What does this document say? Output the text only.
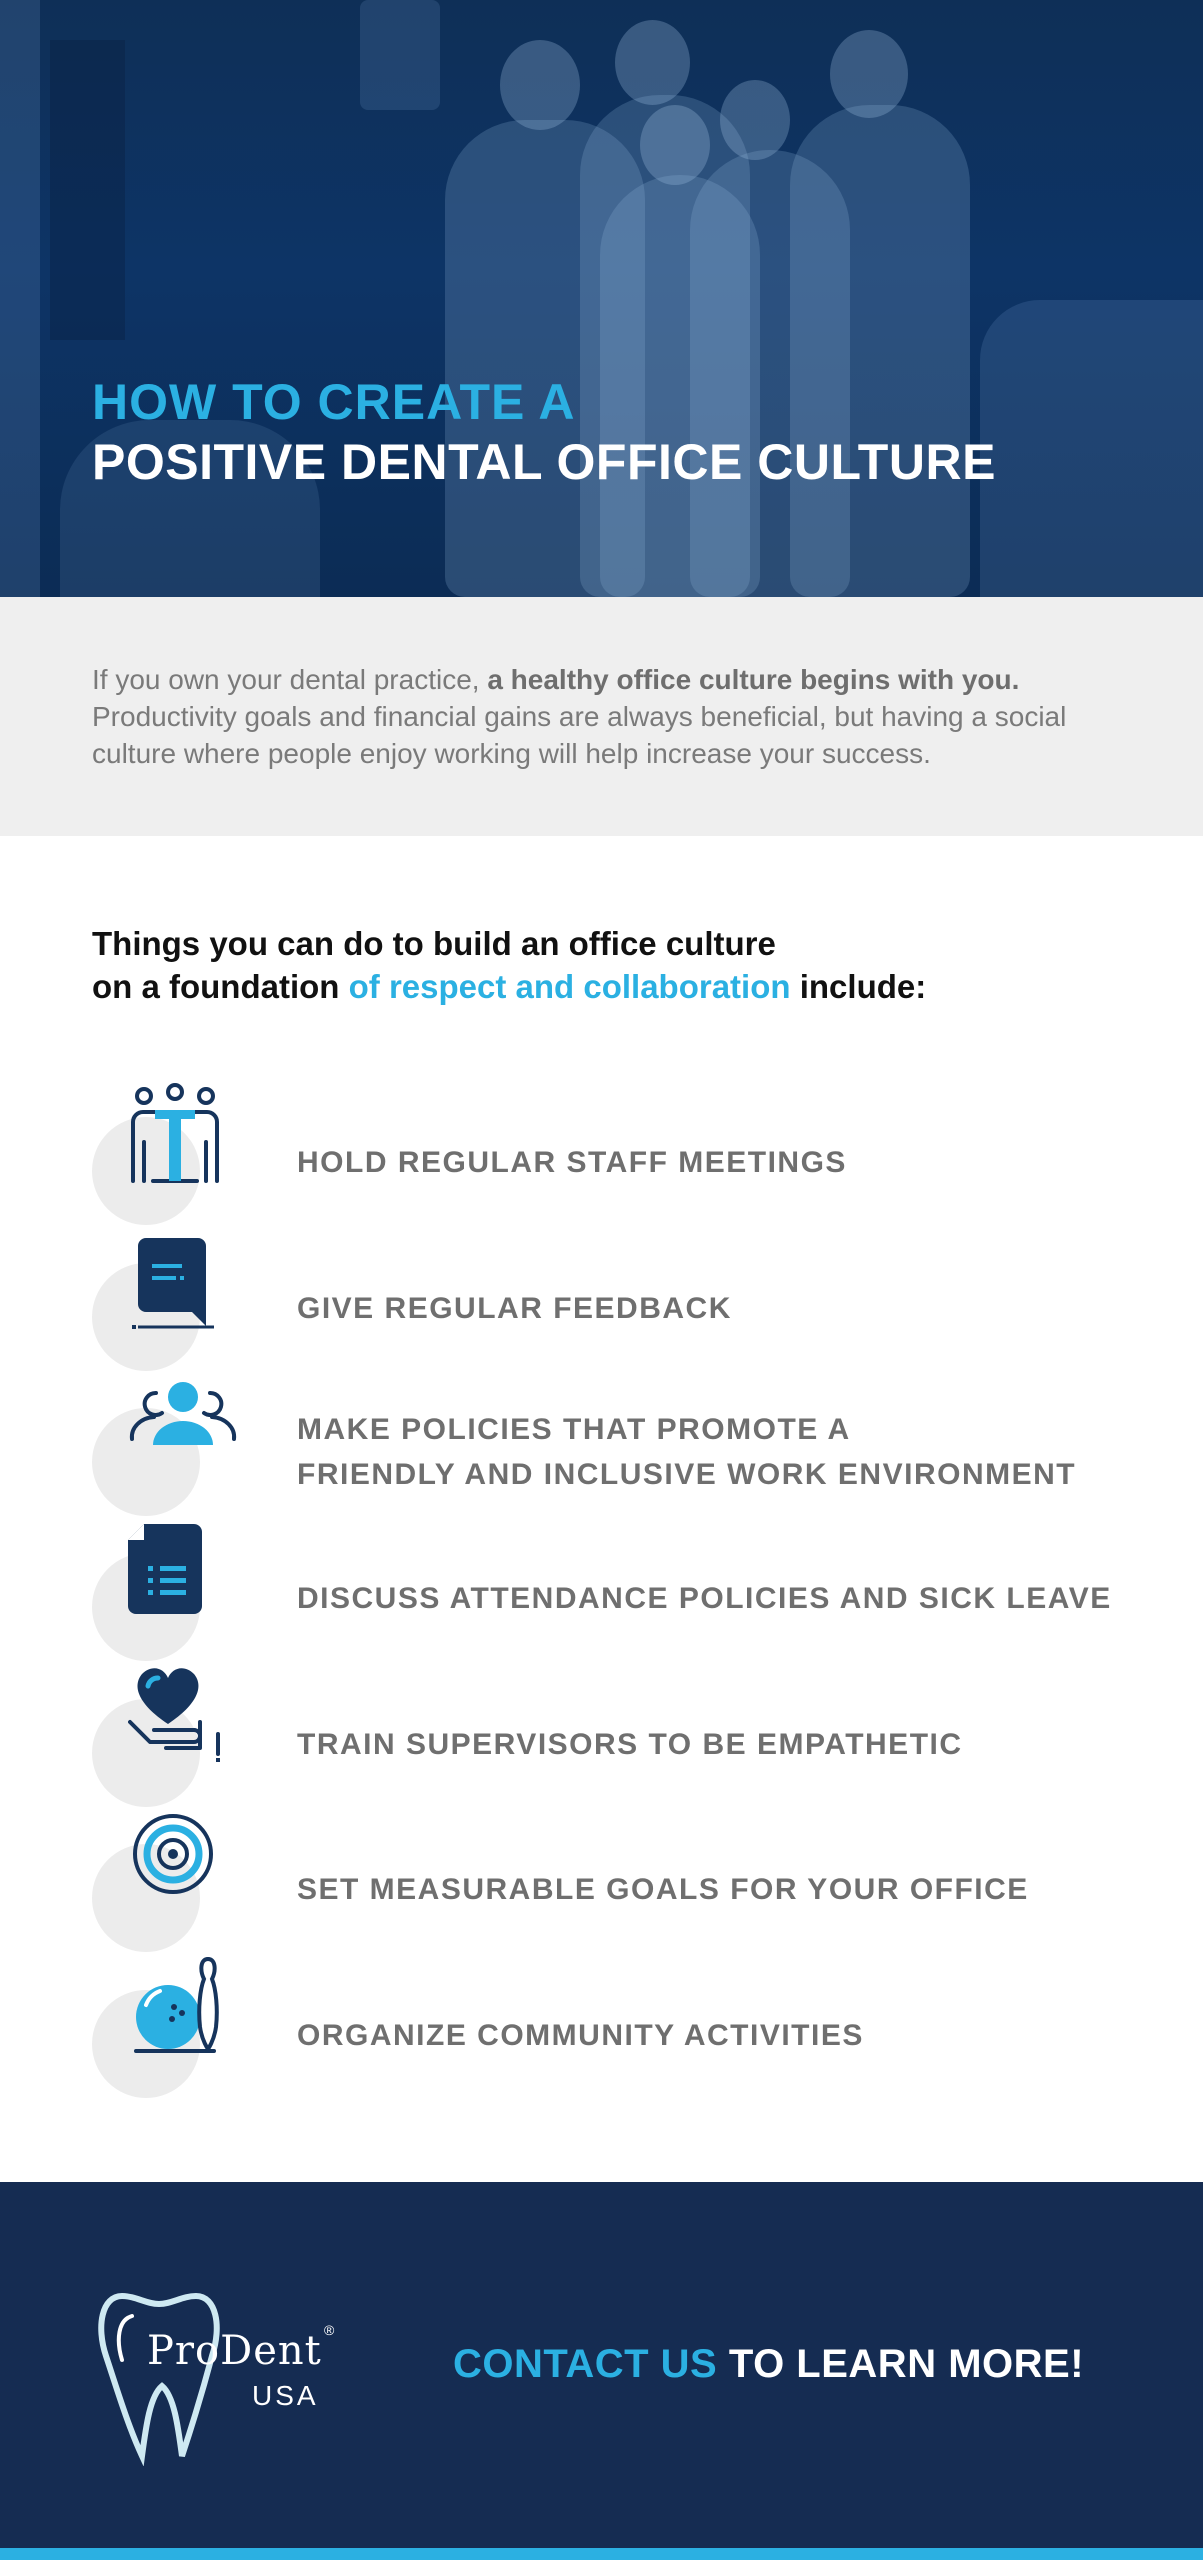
HOW TO CREATE A
POSITIVE DENTAL OFFICE CULTURE

If you own your dental practice, a healthy office culture begins with you. Productivity goals and financial gains are always beneficial, but having a social culture where people enjoy working will help increase your success.

Things you can do to build an office culture
on a foundation of respect and collaboration include:
HOLD REGULAR STAFF MEETINGS
GIVE REGULAR FEEDBACK
MAKE POLICIES THAT PROMOTE A
FRIENDLY AND INCLUSIVE WORK ENVIRONMENT
DISCUSS ATTENDANCE POLICIES AND SICK LEAVE
TRAIN SUPERVISORS TO BE EMPATHETIC
SET MEASURABLE GOALS FOR YOUR OFFICE
ORGANIZE COMMUNITY ACTIVITIES
ProDent ®
USA
CONTACT US TO LEARN MORE!
